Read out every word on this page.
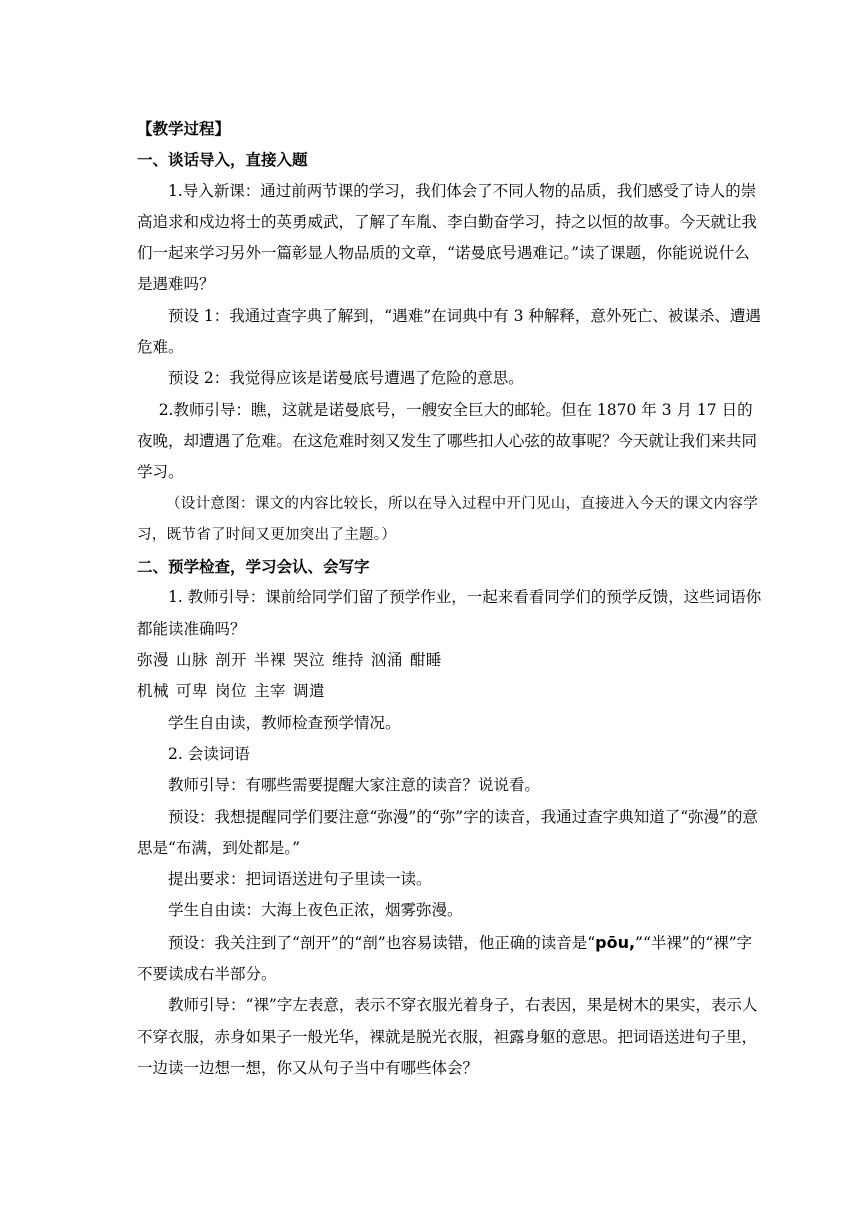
【教学过程】

一、谈话导入，直接入题

1.导入新课：通过前两节课的学习，我们体会了不同人物的品质，我们感受了诗人的崇高追求和戍边将士的英勇威武，了解了车胤、李白勤奋学习，持之以恒的故事。今天就让我们一起来学习另外一篇彰显人物品质的文章，“诺曼底号遇难记。”读了课题，你能说说什么是遇难吗？

预设 1：我通过查字典了解到，“遇难”在词典中有 3 种解释，意外死亡、被谋杀、遭遇危难。

预设 2：我觉得应该是诺曼底号遭遇了危险的意思。

2.教师引导：瞧，这就是诺曼底号，一艘安全巨大的邮轮。但在 1870 年 3 月 17 日的夜晚，却遭遇了危难。在这危难时刻又发生了哪些扣人心弦的故事呢？今天就让我们来共同学习。

（设计意图：课文的内容比较长，所以在导入过程中开门见山，直接进入今天的课文内容学习，既节省了时间又更加突出了主题。）

二、预学检查，学习会认、会写字

1. 教师引导：课前给同学们留了预学作业，一起来看看同学们的预学反馈，这些词语你都能读准确吗？

弥漫 山脉 剖开 半裸 哭泣 维持 汹涌 酣睡

机械 可卑 岗位 主宰 调遣

学生自由读，教师检查预学情况。

2. 会读词语

教师引导：有哪些需要提醒大家注意的读音？说说看。

预设：我想提醒同学们要注意“弥漫”的“弥”字的读音，我通过查字典知道了“弥漫”的意思是“布满，到处都是。”

提出要求：把词语送进句子里读一读。

学生自由读：大海上夜色正浓，烟雾弥漫。

预设：我关注到了“剖开”的“剖”也容易读错，他正确的读音是“pōu,”“半裸”的“裸”字不要读成右半部分。

教师引导：“裸”字左表意，表示不穿衣服光着身子，右表因，果是树木的果实，表示人不穿衣服，赤身如果子一般光华，裸就是脱光衣服，袒露身躯的意思。把词语送进句子里，一边读一边想一想，你又从句子当中有哪些体会？
